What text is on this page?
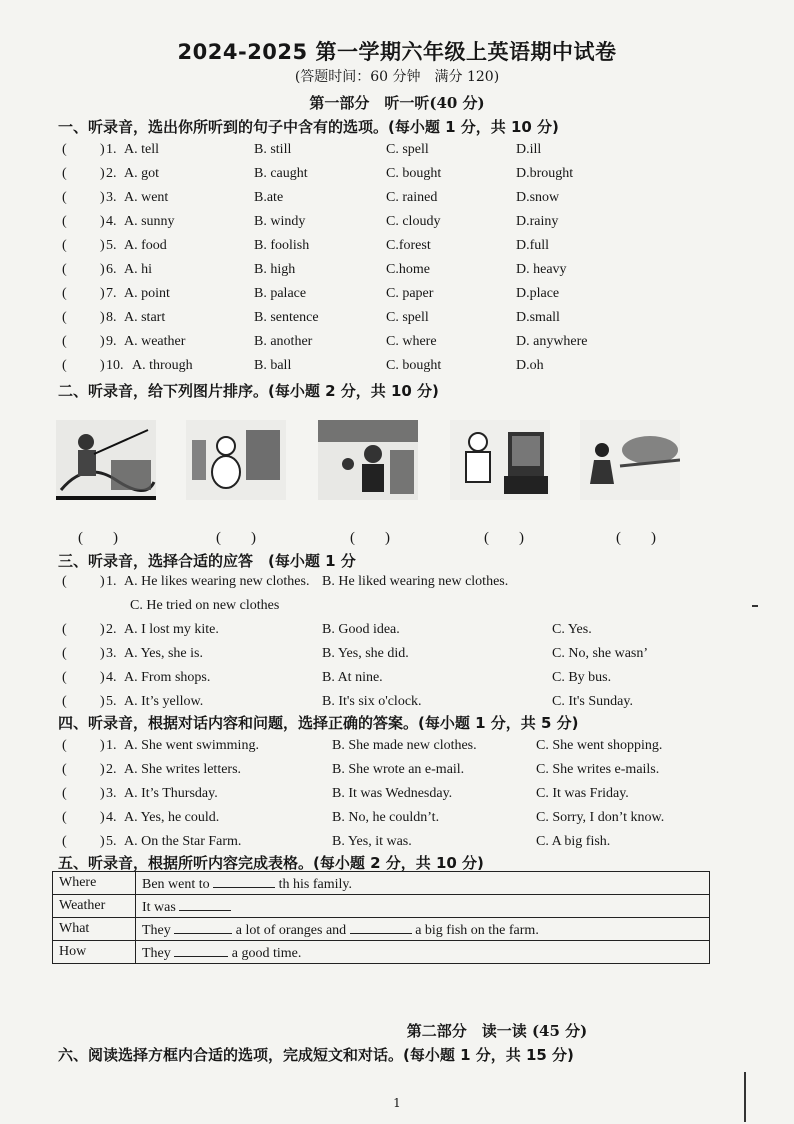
2024-2025 第一学期六年级上英语期中试卷
(答题时间：60 分钟　满分 120)
第一部分　听一听(40 分)
一、听录音，选出你所听到的句子中含有的选项。(每小题 1 分，共 10 分)
( ) 1. A. tell	B. still	C. spell	D.ill
( ) 2. A. got	B. caught	C. bought	D.brought
( ) 3. A. went	B.ate	C. rained	D.snow
( ) 4. A. sunny	B. windy	C. cloudy	D.rainy
( ) 5. A. food	B. foolish	C.forest	D.full
( ) 6. A. hi	B. high	C.home	D. heavy
( ) 7. A. point	B. palace	C. paper	D.place
( ) 8. A. start	B. sentence	C. spell	D.small
( ) 9. A. weather	B. another	C. where	D. anywhere
( ) 10. A. through	B. ball	C. bought	D.oh
二、听录音，给下列图片排序。(每小题 2 分，共 10 分)
(　　)	(　　)	(　　)	(　　)	(　　)
三、听录音，选择合适的应答　(每小题 1 分
( ) 1. A. He likes wearing new clothes. B. He liked wearing new clothes.
C. He tried on new clothes
( ) 2. A. I lost my kite.	B. Good idea.	C. Yes.
( ) 3. A. Yes, she is.	B. Yes, she did.	C. No, she wasn’
( ) 4. A. From shops.	B. At nine.	C. By bus.
( ) 5. A. It’s yellow.	B. It's six o'clock.	C. It's Sunday.
四、听录音，根据对话内容和问题，选择正确的答案。(每小题 1 分，共 5 分)
( ) 1. A. She went swimming.	B. She made new clothes.	C. She went shopping.
( ) 2. A. She writes letters.	B. She wrote an e-mail.	C. She writes e-mails.
( ) 3. A. It’s Thursday.	B. It was Wednesday.	C. It was Friday.
( ) 4. A. Yes, he could.	B. No, he couldn’t.	C. Sorry, I don’t know.
( ) 5. A. On the Star Farm.	B. Yes, it was.	C. A big fish.
五、听录音，根据所听内容完成表格。(每小题 2 分，共 10 分)
Where	Ben went to th his family.
Weather	It was
What	They a lot of oranges and a big fish on the farm.
How	They a good time.
第二部分　读一读 (45 分)
六、阅读选择方框内合适的选项，完成短文和对话。(每小题 1 分，共 15 分)
1
